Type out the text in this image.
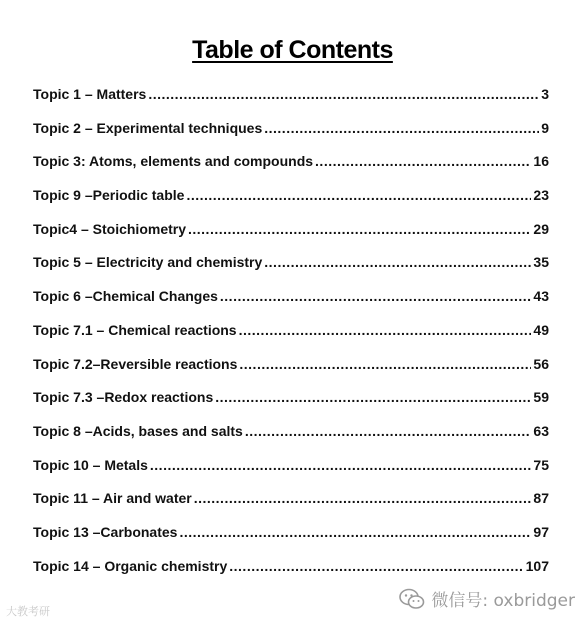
Table of Contents
Topic 1 – Matters .....	3
Topic 2 – Experimental techniques .....	9
Topic 3: Atoms, elements and compounds .....	16
Topic 9 –Periodic table .....	23
Topic4 – Stoichiometry .....	29
Topic 5 – Electricity and chemistry .....	35
Topic 6 –Chemical Changes .....	43
Topic 7.1 – Chemical reactions .....	49
Topic 7.2–Reversible reactions .....	56
Topic 7.3 –Redox reactions .....	59
Topic 8 –Acids, bases and salts .....	63
Topic 10 – Metals .....	75
Topic 11 – Air and water .....	87
Topic 13 –Carbonates .....	97
Topic 14 – Organic chemistry .....	107
大教考研
微信号: oxbridger
